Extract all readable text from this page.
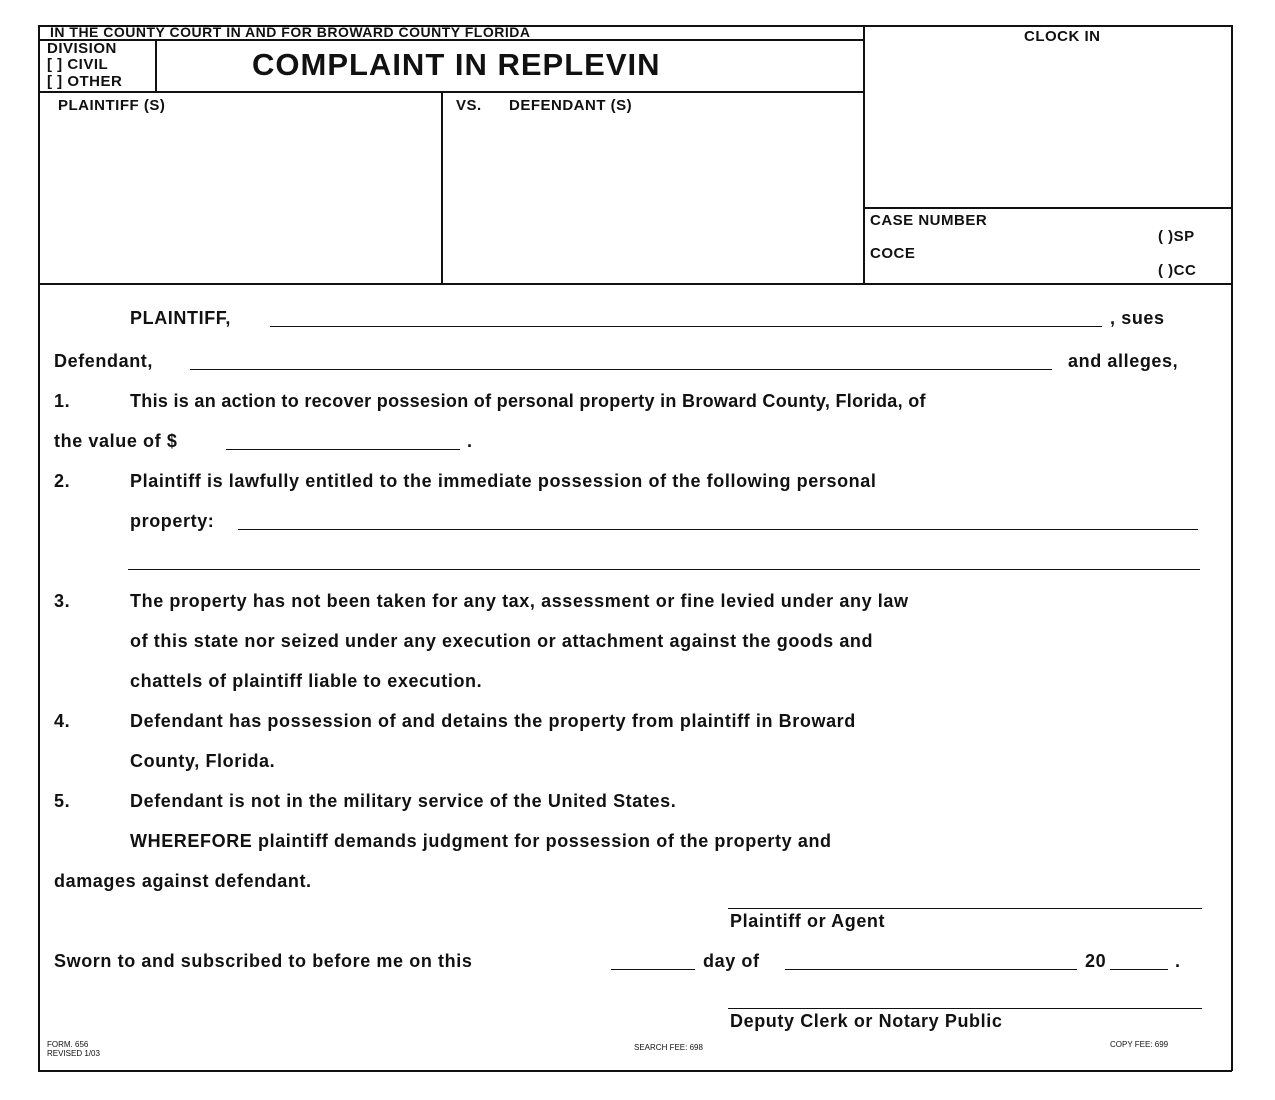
IN THE COUNTY COURT IN AND FOR BROWARD COUNTY FLORIDA
DIVISION
[ ] CIVIL
[ ] OTHER	COMPLAINT IN REPLEVIN
CLOCK IN
PLAINTIFF (S)	VS. DEFENDANT (S)
CASE NUMBER
COCE
( )SP
( )CC
PLAINTIFF,	, sues
Defendant,	and alleges,
1.	This is an action to recover possesion of personal property in Broward County, Florida, of
the value of $	.
2.	Plaintiff is lawfully entitled to the immediate possession of the following personal
property:
3.	The property has not been taken for any tax, assessment or fine levied under any law
of this state nor seized under any execution or attachment against the goods and
chattels of plaintiff liable to execution.
4.	Defendant has possession of and detains the property from plaintiff in Broward
County, Florida.
5.	Defendant is not in the military service of the United States.
WHEREFORE plaintiff demands judgment for possession of the property and
damages against defendant.
Plaintiff or Agent
Sworn to and subscribed to before me on this	day of	20	.
Deputy Clerk or Notary Public
FORM. 656
REVISED 1/03
SEARCH FEE: 698	COPY FEE: 699
